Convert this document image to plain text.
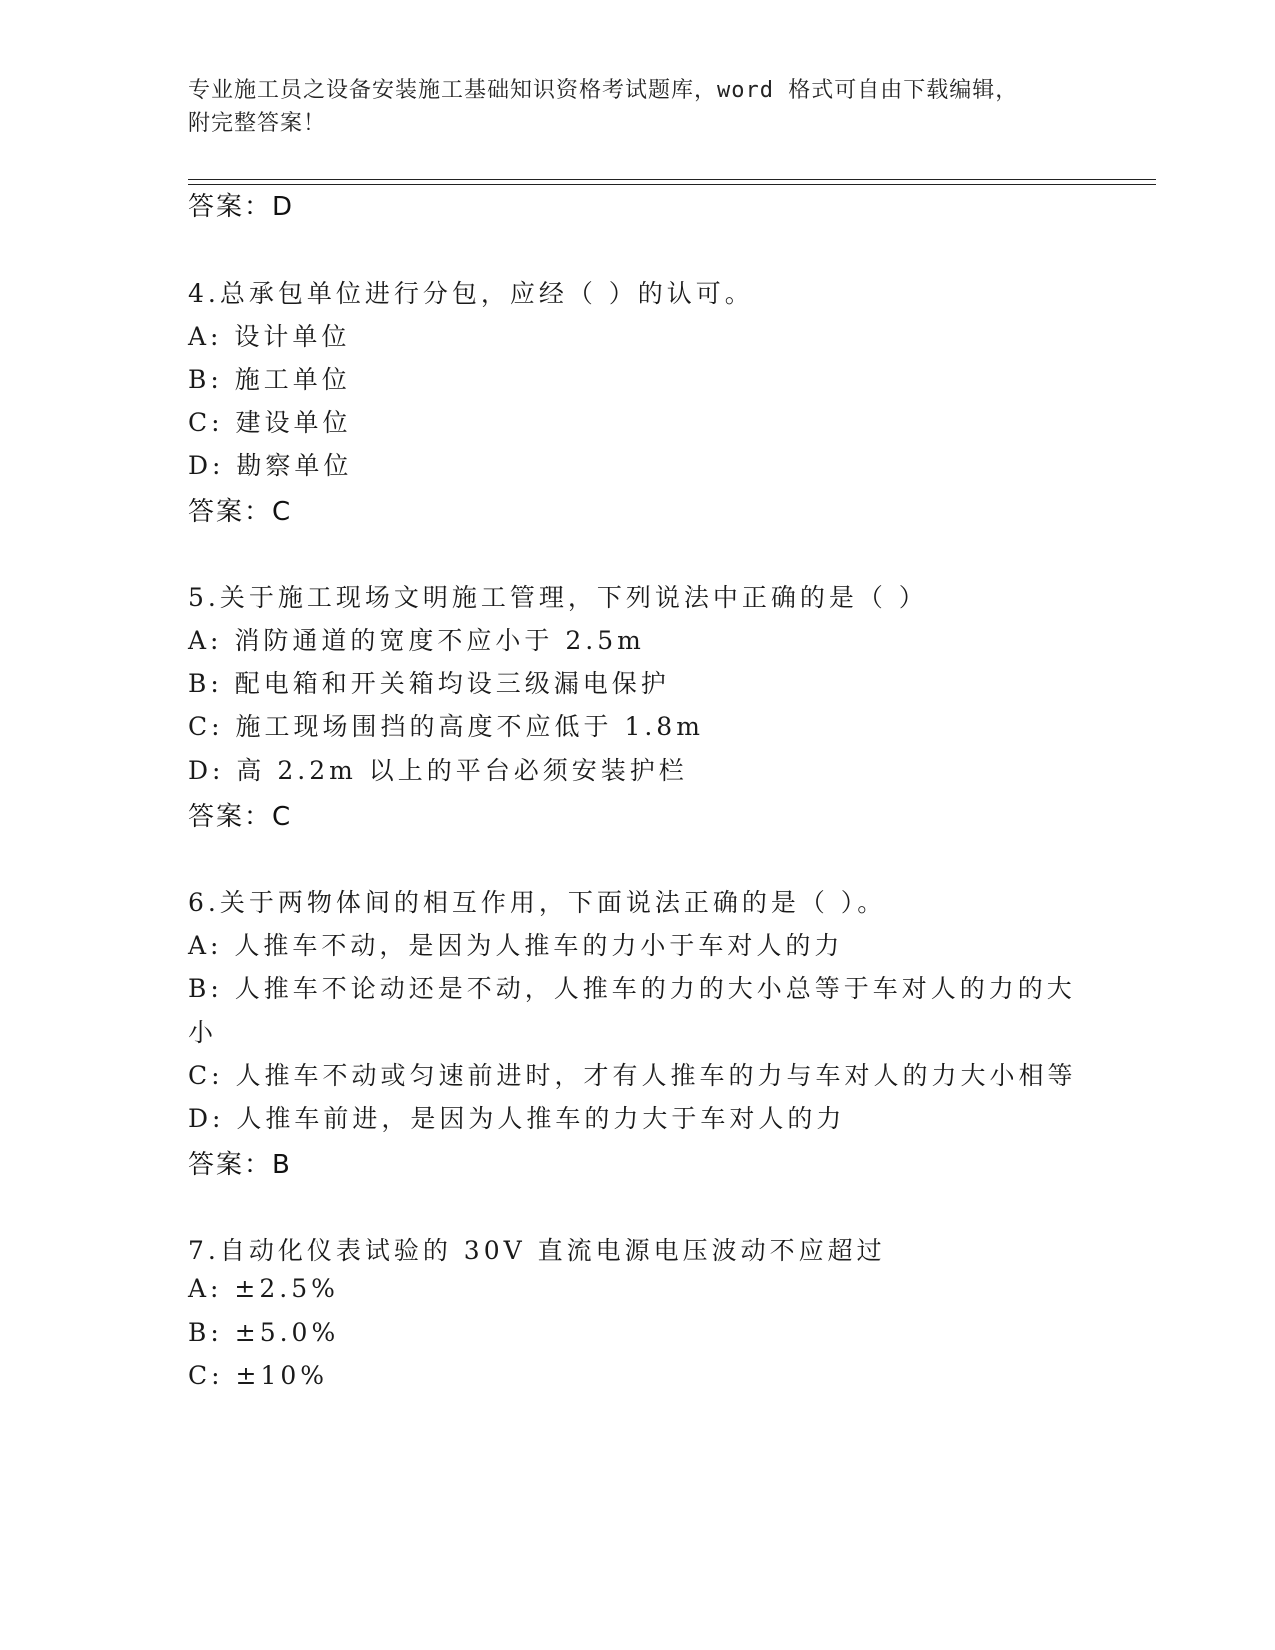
专业施工员之设备安装施工基础知识资格考试题库，word 格式可自由下载编辑，
附完整答案！
答案：D
4.总承包单位进行分包，应经（ ）的认可。
A: 设计单位
B: 施工单位
C: 建设单位
D: 勘察单位
答案：C
5.关于施工现场文明施工管理，下列说法中正确的是（ ）
A: 消防通道的宽度不应小于 2.5m
B: 配电箱和开关箱均设三级漏电保护
C: 施工现场围挡的高度不应低于 1.8m
D: 高 2.2m 以上的平台必须安装护栏
答案：C
6.关于两物体间的相互作用，下面说法正确的是（ ）。
A: 人推车不动，是因为人推车的力小于车对人的力
B: 人推车不论动还是不动，人推车的力的大小总等于车对人的力的大
小
C: 人推车不动或匀速前进时，才有人推车的力与车对人的力大小相等
D: 人推车前进，是因为人推车的力大于车对人的力
答案：B
7.自动化仪表试验的 30V 直流电源电压波动不应超过
A: ±2.5%
B: ±5.0%
C: ±10%
